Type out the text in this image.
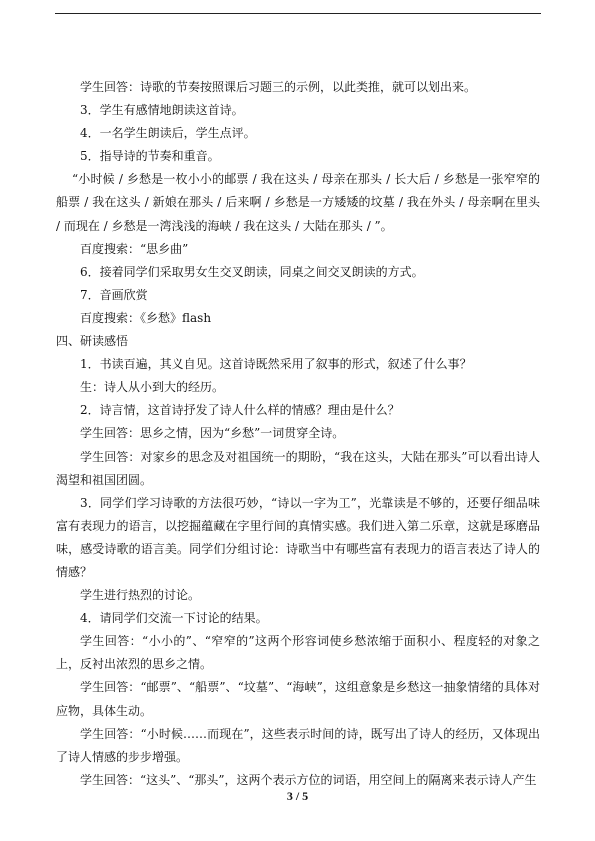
学生回答：诗歌的节奏按照课后习题三的示例，以此类推，就可以划出来。

3．学生有感情地朗读这首诗。

4．一名学生朗读后，学生点评。

5．指导诗的节奏和重音。

“小时候 / 乡愁是一枚小小的邮票 / 我在这头 / 母亲在那头 / 长大后 / 乡愁是一张窄窄的船票 / 我在这头 / 新娘在那头 / 后来啊 / 乡愁是一方矮矮的坟墓 / 我在外头 / 母亲啊在里头 / 而现在 / 乡愁是一湾浅浅的海峡 / 我在这头 / 大陆在那头 / ”。

百度搜索：“思乡曲”

6．接着同学们采取男女生交叉朗读，同桌之间交叉朗读的方式。

7．音画欣赏

百度搜索：《乡愁》flash

四、研读感悟

1．书读百遍，其义自见。这首诗既然采用了叙事的形式，叙述了什么事？

生：诗人从小到大的经历。

2．诗言情，这首诗抒发了诗人什么样的情感？理由是什么？

学生回答：思乡之情，因为“乡愁”一词贯穿全诗。

学生回答：对家乡的思念及对祖国统一的期盼，“我在这头，大陆在那头”可以看出诗人渴望和祖国团圆。

3．同学们学习诗歌的方法很巧妙，“诗以一字为工”，光靠读是不够的，还要仔细品味富有表现力的语言，以挖掘蕴藏在字里行间的真情实感。我们进入第二乐章，这就是琢磨品味，感受诗歌的语言美。同学们分组讨论：诗歌当中有哪些富有表现力的语言表达了诗人的情感？

学生进行热烈的讨论。

4．请同学们交流一下讨论的结果。

学生回答：“小小的”、“窄窄的”这两个形容词使乡愁浓缩于面积小、程度轻的对象之上，反衬出浓烈的思乡之情。

学生回答：“邮票”、“船票”、“坟墓”、“海峡”，这组意象是乡愁这一抽象情绪的具体对应物，具体生动。

学生回答：“小时候……而现在”，这些表示时间的诗，既写出了诗人的经历，又体现出了诗人情感的步步增强。

学生回答：“这头”、“那头”，这两个表示方位的词语，用空间上的隔离来表示诗人产生

3 / 5
